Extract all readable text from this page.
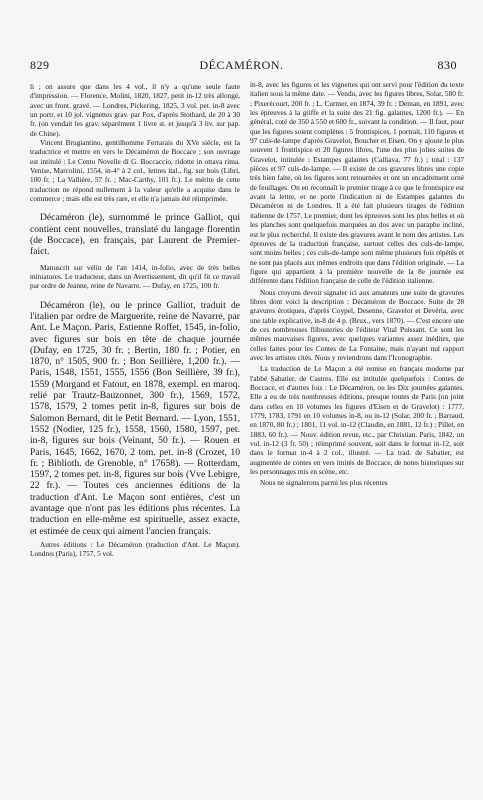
829	DÉCAMÉRON.	830

li ; on assure que dans les 4 vol., il n'y a qu'une seule faute d'impression. — Florence, Molini, 1820, 1827, petit in-12 très allongé, avec un front. gravé. — Londres, Pickering, 1825, 3 vol. pet. in-8 avec un portr. et 10 jol. vignettes grav. par Fox, d'après Stothard, de 20 à 30 fr. (on vendait les grav. séparément 1 livre st. et jusqu'à 3 liv. sur pap. de Chine).

Vincent Brugiantino, gentilhomme Ferrarais du XVe siècle, est la traductrice et mettre en vers le Décaméron de Boccace ; son ouvrage est intitulé : Le Cento Novelle di G. Boccaccio, ridotte in ottava rima. Venise, Marcolini, 1554, in-4° à 2 col., lettres ital., fig. sur bois (Libri, 100 fr. ; La Vallière, 57 fr. ; Mac-Carthy, 101 fr.). Le mérite de cette traduction ne répond nullement à la valeur qu'elle a acquise dans le commerce ; mais elle est très rare, et elle n'a jamais été réimprimée.

Décaméron (le), surnommé le prince Galliot, qui contient cent nouvelles, translaté du langage florentin (de Boccace), en français, par Laurent de Premier-faict.

Manuscrit sur vélin de l'an 1414, in-folio, avec de très belles miniatures. Le traducteur, dans un Avertissement, dit qu'il fit ce travail par ordre de Jeanne, reine de Navarre. — Dufay, en 1725, 100 fr.

Décaméron (le), ou le prince Galliot, traduit de l'italien par ordre de Marguerite, reine de Navarre, par Ant. Le Maçon. Paris, Estienne Roffet, 1545, in-folio, avec figures sur bois en tête de chaque journée (Dufay, en 1725, 30 fr. ; Bertin, 180 fr. ; Potier, en 1870, n° 1505, 900 fr. ; Bon Seillière, 1,200 fr.). — Paris, 1548, 1551, 1555, 1556 (Bon Seillière, 39 fr.), 1559 (Morgand et Fatout, en 1878, exempl. en maroq. relié par Trautz-Bauzonnet, 300 fr.), 1569, 1572, 1578, 1579, 2 tomes petit in-8, figures sur bois de Salomon Bernard, dit le Petit Bernard. — Lyon, 1551, 1552 (Nodier, 125 fr.), 1558, 1560, 1580, 1597, pet. in-8, figures sur bois (Veinant, 50 fr.). — Rouen et Paris, 1645, 1662, 1670, 2 tom. pet. in-8 (Crozet, 10 fr. ; Biblioth. de Grenoble, n° 17658). — Rotterdam, 1597, 2 tomes pet. in-8, figures sur bois (Vve Lebigre, 22 fr.). — Toutes ces anciennes éditions de la traduction d'Ant. Le Maçon sont entières, c'est un avantage que n'ont pas les éditions plus récentes. La traduction en elle-même est spirituelle, assez exacte, et estimée de ceux qui aiment l'ancien français.

Autres éditions : Le Décaméron (traduction d'Ant. Le Maçon). Londres (Paris), 1757, 5 vol.

in-8, avec les figures et les vignettes qui ont servi pour l'édition du texte italien sous la même date. — Vendu, avec les figures libres, Solar, 580 fr. ; Pixerécourt, 200 fr. ; L. Curmer, en 1874, 39 fr. ; Deman, en 1891, avec les épreuves à la griffe et la suite des 21 fig. galantes, 1200 fr.). — En général, coté de 350 à 550 et 600 fr., suivant la condition. — Il faut, pour que les figures soient complètes : 5 frontispices, 1 portrait, 110 figures et 97 culs-de-lampe d'après Gravelot, Boucher et Eisen. On y ajoute le plus souvent 1 frontispice et 20 figures libres, l'une des plus jolies suites de Gravelot, intitulée : Estampes galantes (Calliava, 77 fr.) ; total : 137 pièces et 97 culs-de-lampe. — Il existe de ces gravures libres une copie très bien faite, où les figures sont retournées et ont un encadrement orné de feuillages. On en reconnaît le premier tirage à ce que le frontispice est avant la lettre, et ne porte l'indication ni de Estampes galantes du Décaméron ni de Londres. Il a été fait plusieurs tirages de l'édition italienne de 1757. Le premier, dont les épreuves sont les plus belles et où les planches sont quelquefois marquées au dos avec un paraphe incliné, est le plus recherché. Il existe des gravures avant le nom des artistes. Les épreuves de la traduction française, surtout celles des culs-de-lampe, sont moins belles ; ces culs-de-lampe sont même plusieurs fois répétés et ne sont pas placés aux mêmes endroits que dans l'édition originale. — La figure qui appartient à la première nouvelle de la 8e journée est différente dans l'édition française de celle de l'édition italienne.

Nous croyons devoir signaler ici aux amateurs une suite de gravures libres dont voici la description : Décaméron de Boccace. Suite de 28 gravures érotiques, d'après Coypel, Desenne, Gravelot et Devéria, avec une table explicative, in-8 de 4 p. (Brux., vers 1870). — C'est encore une de ces nombreuses flibusteries de l'éditeur Vital Puissant. Ce sont les mêmes mauvaises figures, avec quelques variantes assez inédites, que celles faites pour les Contes de La Fontaine, mais n'ayant nul rapport avec les artistes cités. Nous y reviendrons dans l'Iconographie.

La traduction de Le Maçon a été remise en français moderne par l'abbé Sabatier, de Castres. Elle est intitulée quelquefois : Contes de Boccace, et d'autres fois : Le Décaméron, ou les Dix journées galantes. Elle a eu de très nombreuses éditions, presque toutes de Paris (on joint dans celles en 10 volumes les figures d'Eisen et de Gravelot) : 1777, 1779, 1783, 1791 en 10 volumes in-8, ou in-12 (Solar, 200 fr. ; Barraud, en 1870, 80 fr.) ; 1801, 11 vol. in-12 (Claudin, en 1881, 12 fr.) ; Pillet, en 1883, 60 fr.). — Nouv. édition revue, etc., par Christian. Paris, 1842, un vol. in-12 (3 fr. 50) ; réimprimé souvent, soit dans le format in-12, soit dans le format in-4 à 2 col., illustré. — La trad. de Sabatier, est augmentée de contes en vers imités de Boccace, de notes historiques sur les personnages mis en scène, etc.

Nous ne signalerons parmi les plus récentes
